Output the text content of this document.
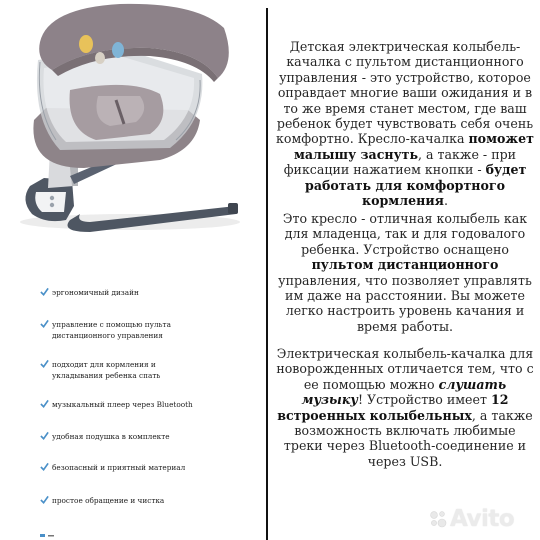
эргономичный дизайн
управление с помощью пульта дистанционного управления
подходит для кормления и укладывания ребенка спать
музыкальный плеер через Bluetooth
удобная подушка в комплекте
безопасный и приятный материал
простое обращение и чистка
Детская электрическая колыбель-качалка с пультом дистанционного управления - это устройство, которое оправдает многие ваши ожидания и в то же время станет местом, где ваш ребенок будет чувствовать себя очень комфортно. Кресло-качалка поможет малышу заснуть, а также - при фиксации нажатием кнопки - будет работать для комфортного кормления.
Это кресло - отличная колыбель как для младенца, так и для годовалого ребенка. Устройство оснащено пультом дистанционного управления, что позволяет управлять им даже на расстоянии. Вы можете легко настроить уровень качания и время работы.
Электрическая колыбель-качалка для новорожденных отличается тем, что с ее помощью можно слушать музыку! Устройство имеет 12 встроенных колыбельных, а также возможность включать любимые треки через Bluetooth-соединение и через USB.
Avito
